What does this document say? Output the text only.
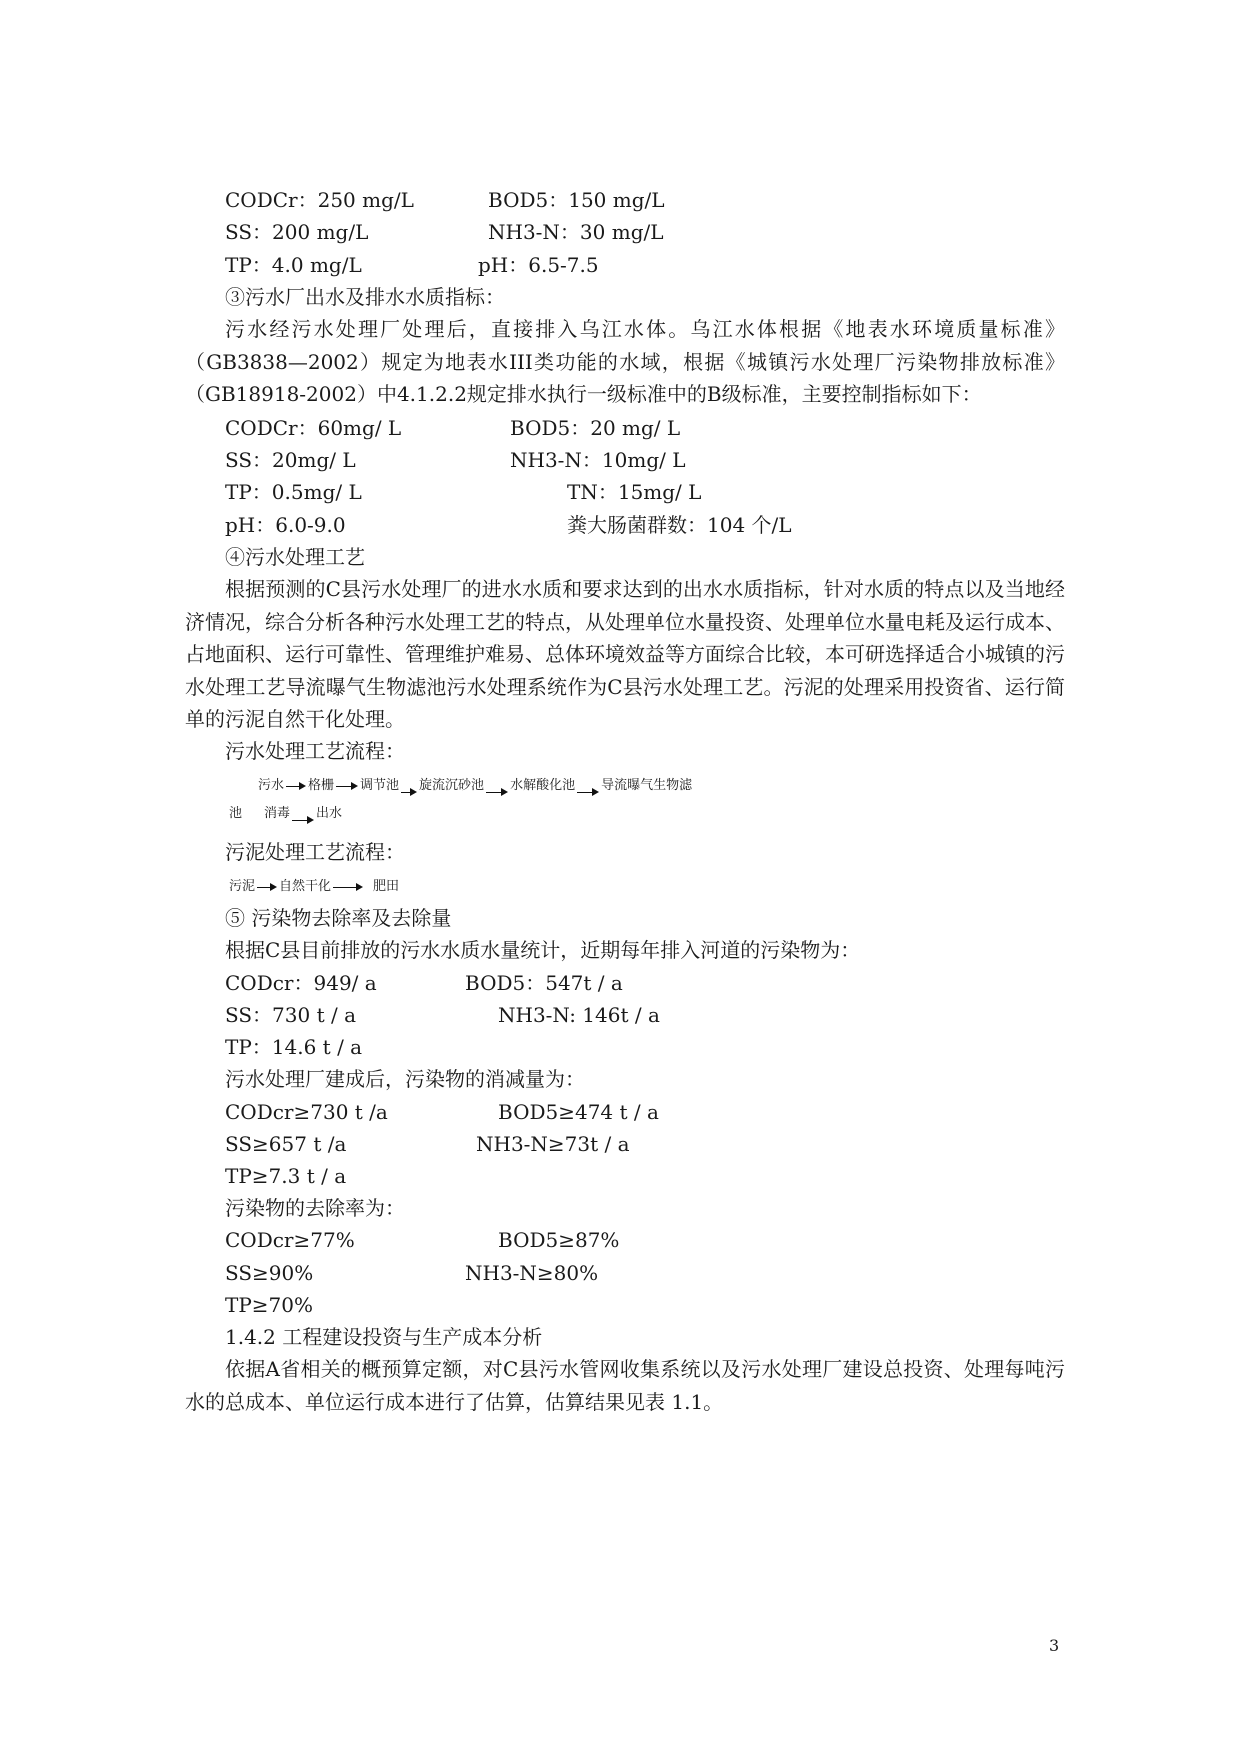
CODCr：250 mg/L	BOD5：150 mg/L
SS：200 mg/L	NH3-N：30 mg/L
TP：4.0 mg/L	pH：6.5-7.5
③污水厂出水及排水水质指标：

污水经污水处理厂处理后，直接排入乌江水体。乌江水体根据《地表水环境质量标准》（GB3838—2002）规定为地表水III类功能的水域，根据《城镇污水处理厂污染物排放标准》（GB18918-2002）中4.1.2.2规定排水执行一级标准中的B级标准，主要控制指标如下：

CODCr：60mg/ L	BOD5：20 mg/ L
SS：20mg/ L	NH3-N：10mg/ L
TP：0.5mg/ L	TN：15mg/ L
pH：6.0-9.0	粪大肠菌群数：104 个/L
④污水处理工艺

根据预测的C县污水处理厂的进水水质和要求达到的出水水质指标，针对水质的特点以及当地经济情况，综合分析各种污水处理工艺的特点，从处理单位水量投资、处理单位水量电耗及运行成本、占地面积、运行可靠性、管理维护难易、总体环境效益等方面综合比较，本可研选择适合小城镇的污水处理工艺导流曝气生物滤池污水处理系统作为C县污水处理工艺。污泥的处理采用投资省、运行简单的污泥自然干化处理。

污水处理工艺流程：
污水 格栅 调节池 旋流沉砂池 水解酸化池 导流曝气生物滤
池 消毒 出水
污泥处理工艺流程：
污泥 自然干化	肥田
⑤ 污染物去除率及去除量
根据C县目前排放的污水水质水量统计，近期每年排入河道的污染物为：
CODcr：949/ a	BOD5：547t / a
SS：730 t / a	NH3-N: 146t / a
TP：14.6 t / a
污水处理厂建成后，污染物的消减量为：
CODcr≥730 t /a	BOD5≥474 t / a
SS≥657 t /a	NH3-N≥73t / a
TP≥7.3 t / a
污染物的去除率为：
CODcr≥77%	BOD5≥87%
SS≥90%	NH3-N≥80%
TP≥70%
1.4.2 工程建设投资与生产成本分析

依据A省相关的概预算定额，对C县污水管网收集系统以及污水处理厂建设总投资、处理每吨污水的总成本、单位运行成本进行了估算，估算结果见表 1.1。

3
